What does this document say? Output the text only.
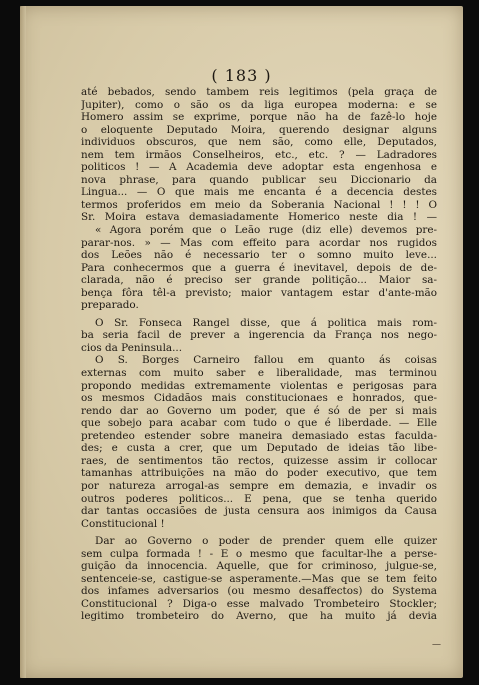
( 183 )
até bebados, sendo tambem reis legitimos (pela graça de
Jupiter), como o são os da liga europea moderna: e se
Homero assim se exprime, porque não ha de fazê-lo hoje
o eloquente Deputado Moira, querendo designar alguns
individuos obscuros, que nem são, como elle, Deputados,
nem tem irmãos Conselheiros, etc., etc. ? — Ladradores
politicos ! — A Academia deve adoptar esta engenhosa e
nova phrase, para quando publicar seu Diccionario da
Lingua... — O que mais me encanta é a decencia destes
termos proferidos em meio da Soberania Nacional ! ! ! O
Sr. Moira estava demasiadamente Homerico neste dia ! —
« Agora porém que o Leão ruge (diz elle) devemos pre-
parar-nos. » — Mas com effeito para acordar nos rugidos
dos Leões não é necessario ter o somno muito leve...
Para conhecermos que a guerra é inevitavel, depois de de-
clarada, não é preciso ser grande politição... Maior sa-
bença fôra têl-a previsto; maior vantagem estar d'ante-mão
preparado.
O Sr. Fonseca Rangel disse, que á politica mais rom-
ba seria facil de prever a ingerencia da França nos nego-
cios da Peninsula...
O S. Borges Carneiro fallou em quanto ás coisas
externas com muito saber e liberalidade, mas terminou
propondo medidas extremamente violentas e perigosas para
os mesmos Cidadãos mais constitucionaes e honrados, que-
rendo dar ao Governo um poder, que é só de per si mais
que sobejo para acabar com tudo o que é liberdade. — Elle
pretendeo estender sobre maneira demasiado estas faculda-
des; e custa a crer, que um Deputado de ideias tão libe-
raes, de sentimentos tão rectos, quizesse assim ir collocar
tamanhas attribuições na mão do poder executivo, que tem
por natureza arrogal-as sempre em demazia, e invadir os
outros poderes politicos... E pena, que se tenha querido
dar tantas occasiões de justa censura aos inimigos da Causa
Constitucional !
Dar ao Governo o poder de prender quem elle quizer
sem culpa formada ! - E o mesmo que facultar-lhe a perse-
guição da innocencia. Aquelle, que for criminoso, julgue-se,
sentenceie-se, castigue-se asperamente.—Mas que se tem feito
dos infames adversarios (ou mesmo desaffectos) do Systema
Constitucional ? Diga-o esse malvado Trombeteiro Stockler;
legitimo trombeteiro do Averno, que ha muito já devia
—
